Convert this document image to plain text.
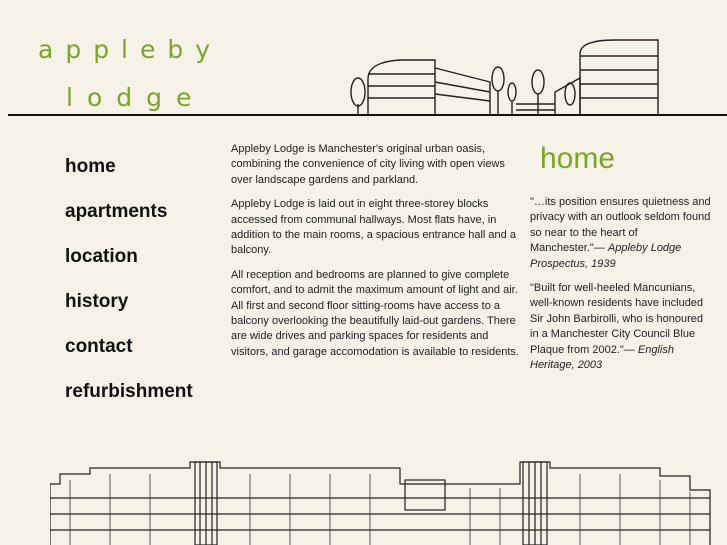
appleby
lodge
home
apartments
location
history
contact
refurbishment

Appleby Lodge is Manchester's original urban oasis, combining the convenience of city living with open views over landscape gardens and parkland.

Appleby Lodge is laid out in eight three-storey blocks accessed from communal hallways. Most flats have, in addition to the main rooms, a spacious entrance hall and a balcony.

All reception and bedrooms are planned to give complete comfort, and to admit the maximum amount of light and air. All first and second floor sitting-rooms have access to a balcony overlooking the beautifully laid-out gardens. There are wide drives and parking spaces for residents and visitors, and garage accomodation is available to residents.

home

"…its position ensures quietness and privacy with an outlook seldom found so near to the heart of Manchester."— Appleby Lodge Prospectus, 1939

"Built for well-heeled Mancunians, well-known residents have included Sir John Barbirolli, who is honoured in a Manchester City Council Blue Plaque from 2002."— English Heritage, 2003
